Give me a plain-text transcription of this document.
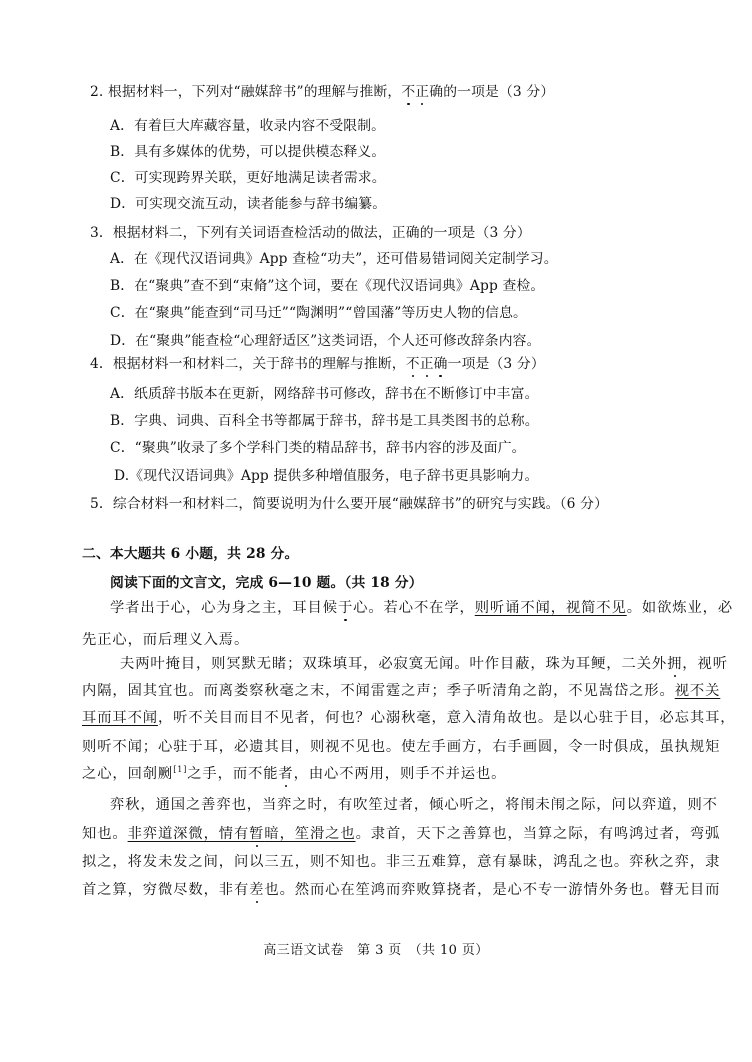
2. 根据材料一，下列对“融媒辞书”的理解与推断，不正确的一项是（3 分）
A．有着巨大库藏容量，收录内容不受限制。
B．具有多媒体的优势，可以提供模态释义。
C．可实现跨界关联，更好地满足读者需求。
D．可实现交流互动，读者能参与辞书编纂。
3．根据材料二，下列有关词语查检活动的做法，正确的一项是（3 分）
A．在《现代汉语词典》App 查检“功夫”，还可借易错词阅关定制学习。
B．在“聚典”查不到“束脩”这个词，要在《现代汉语词典》App 查检。
C．在“聚典”能查到“司马迁”“陶渊明”“曾国藩”等历史人物的信息。
D．在“聚典”能查检“心理舒适区”这类词语，个人还可修改辞条内容。
4．根据材料一和材料二，关于辞书的理解与推断，不正确一项是（3 分）
A．纸质辞书版本在更新，网络辞书可修改，辞书在不断修订中丰富。
B．字典、词典、百科全书等都属于辞书，辞书是工具类图书的总称。
C．“聚典”收录了多个学科门类的精品辞书，辞书内容的涉及面广。
D.《现代汉语词典》App 提供多种增值服务，电子辞书更具影响力。
5．综合材料一和材料二，简要说明为什么要开展“融媒辞书”的研究与实践。（6 分）
二、本大题共 6 小题，共 28 分。
阅读下面的文言文，完成 6—10 题。（共 18 分）
学者出于心，心为身之主，耳目候于心。若心不在学，则听诵不闻，视简不见。如欲炼业，必
先正心，而后理义入焉。
夫两叶掩目，则冥默无睹；双珠填耳，必寂寞无闻。叶作目蔽，珠为耳鲠，二关外拥，视听
内隔，固其宜也。而离娄察秋毫之末，不闻雷霆之声；季子听清角之韵，不见嵩岱之形。视不关
耳而耳不闻，听不关目而目不见者，何也？心溺秋毫，意入清角故也。是以心驻于目，必忘其耳，
则听不闻；心驻于耳，必遗其目，则视不见也。使左手画方，右手画圆，令一时俱成，虽执规矩
之心，回剞劂[1]之手，而不能者，由心不两用，则手不并运也。
弈秋，通国之善弈也，当弈之时，有吹笙过者，倾心听之，将闱未闱之际，问以弈道，则不
知也。非弈道深微，情有暂暗，笙滑之也。隶首，天下之善算也，当算之际，有鸣鸿过者，弯弧
拟之，将发未发之间，问以三五，则不知也。非三五难算，意有暴昧，鸿乱之也。弈秋之弈，隶
首之算，穷微尽数，非有差也。然而心在笙鸿而弈败算挠者，是心不专一游情外务也。瞽无目而
高三语文试卷　第 3 页　（共 10 页）
